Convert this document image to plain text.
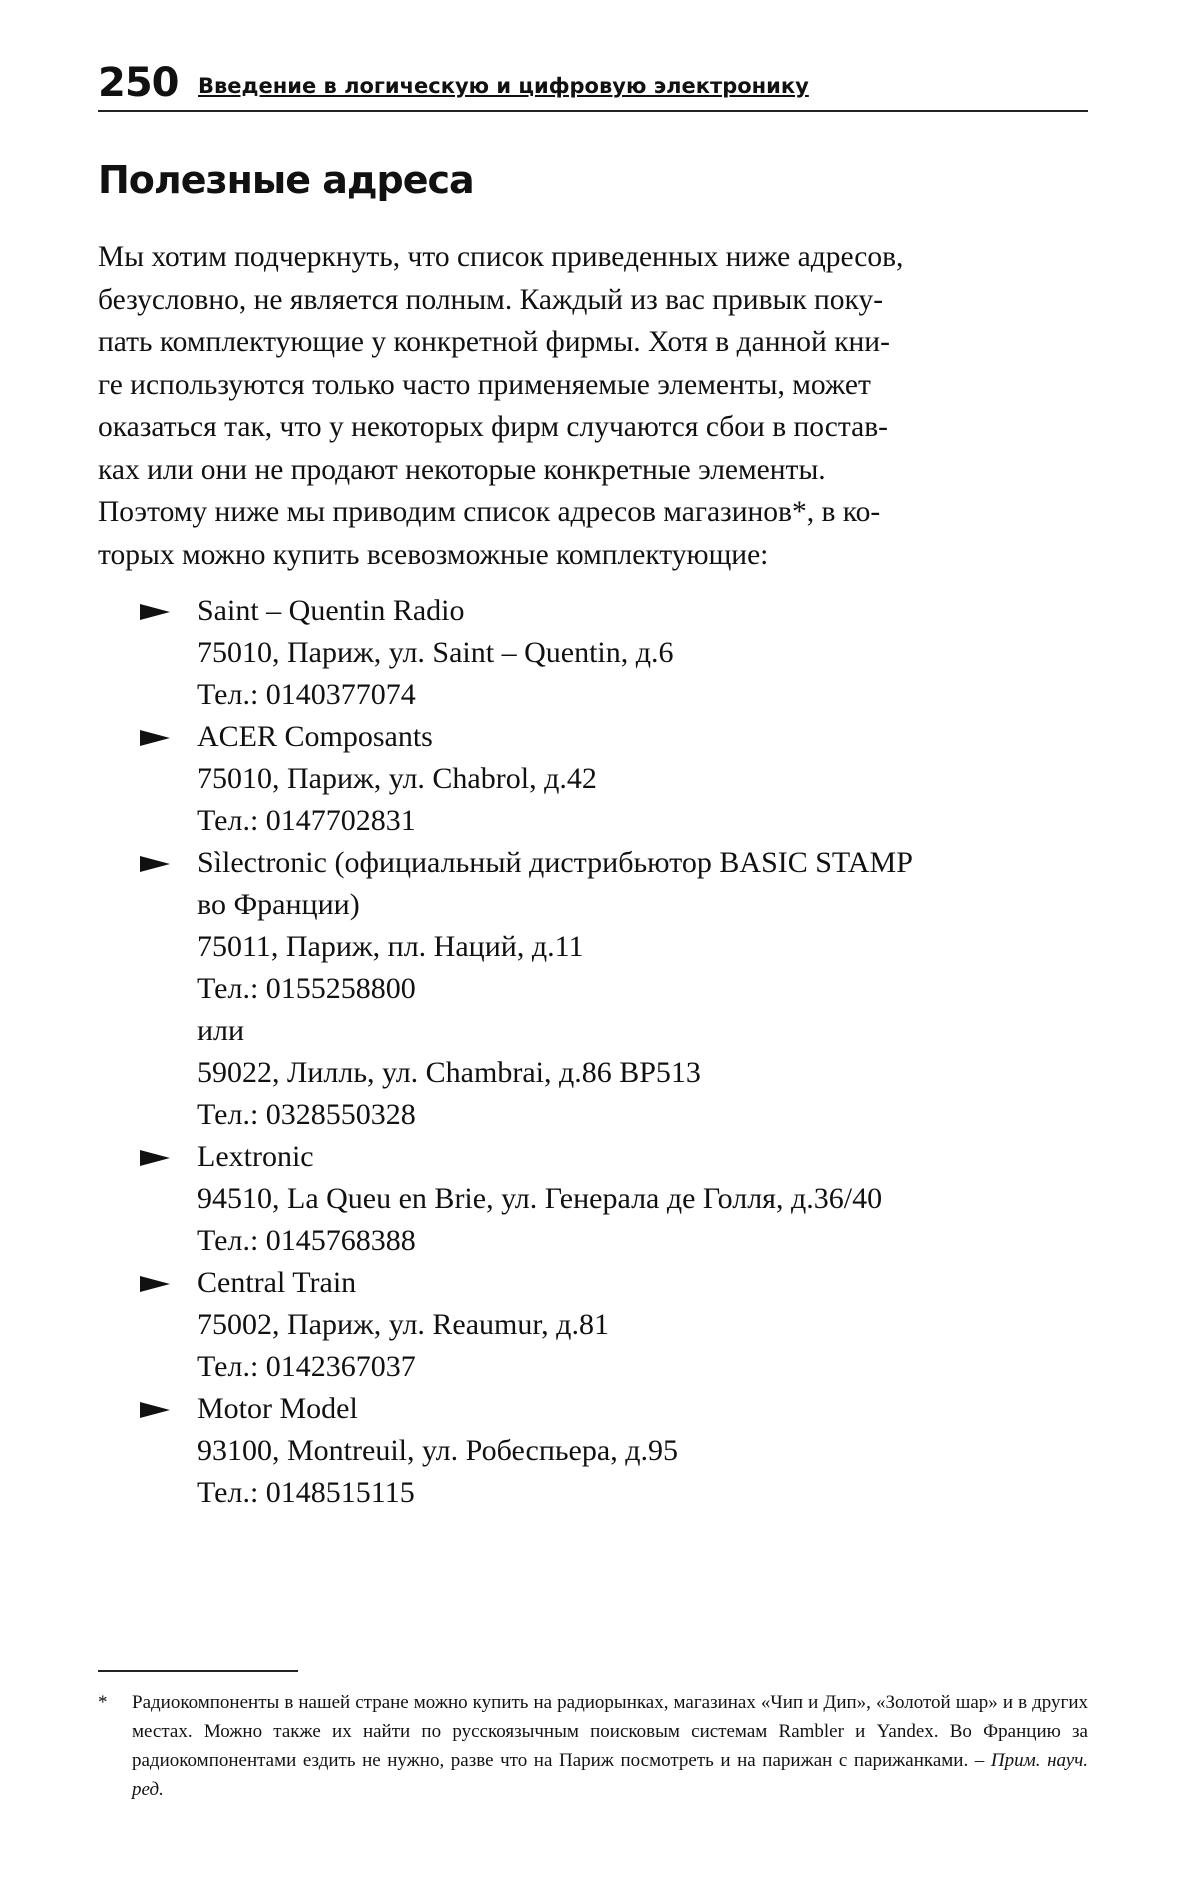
250 Введение в логическую и цифровую электронику
Полезные адреса

Мы хотим подчеркнуть, что список приведенных ниже адресов,
безусловно, не является полным. Каждый из вас привык поку-
пать комплектующие у конкретной фирмы. Хотя в данной кни-
ге используются только часто применяемые элементы, может
оказаться так, что у некоторых фирм случаются сбои в постав-
ках или они не продают некоторые конкретные элементы.
Поэтому ниже мы приводим список адресов магазинов*, в ко-
торых можно купить всевозможные комплектующие:

Saint – Quentin Radio
75010, Париж, ул. Saint – Quentin, д.6
Тел.: 0140377074
ACER Composants
75010, Париж, ул. Chabrol, д.42
Тел.: 0147702831
Sìlectronic (официальный дистрибьютор BASIC STAMP
во Франции)
75011, Париж, пл. Наций, д.11
Тел.: 0155258800
или
59022, Лилль, ул. Chambrai, д.86 BP513
Тел.: 0328550328
Lextronic
94510, La Queu en Brie, ул. Генерала де Голля, д.36/40
Тел.: 0145768388
Central Train
75002, Париж, ул. Reaumur, д.81
Тел.: 0142367037
Motor Model
93100, Montreuil, ул. Робеспьера, д.95
Тел.: 0148515115
*	Радиокомпоненты в нашей стране можно купить на радиорынках, магазинах «Чип и Дип», «Золотой шар» и в других местах. Можно также их найти по русскоязычным поисковым системам Rambler и Yandex. Во Францию за радиокомпонентами ездить не нужно, разве что на Париж посмотреть и на парижан с парижанками. – Прим. науч. ред.
